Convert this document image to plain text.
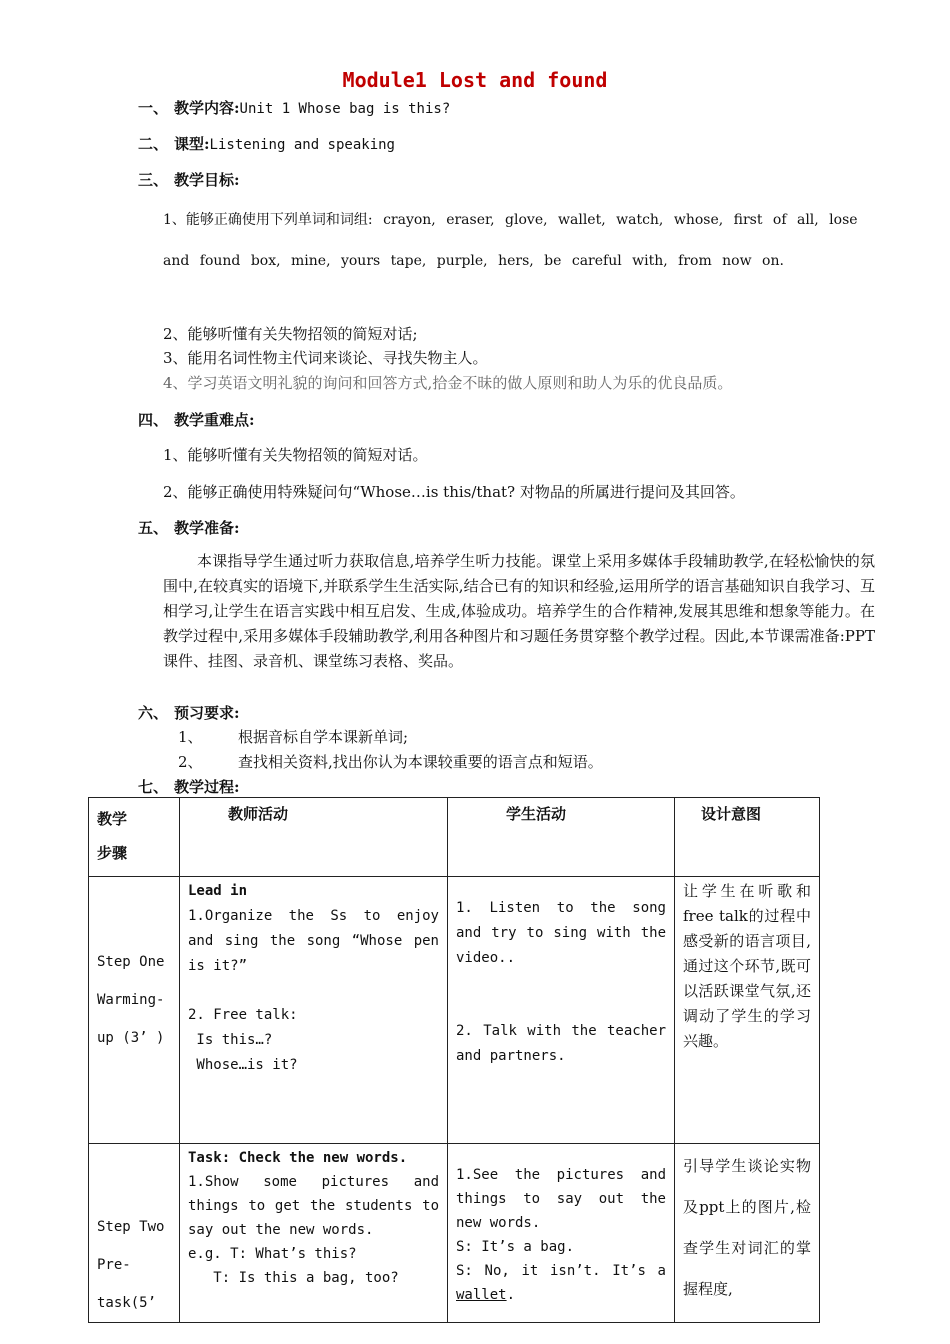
Module1 Lost and found
一、 教学内容:Unit 1 Whose bag is this?
二、 课型:Listening and speaking
三、 教学目标:
1、能够正确使用下列单词和词组: crayon, eraser, glove, wallet, watch, whose, first of all, lose and found box, mine, yours tape, purple, hers, be careful with, from now on.
2、能够听懂有关失物招领的简短对话;
3、能用名词性物主代词来谈论、寻找失物主人。
4、学习英语文明礼貌的询问和回答方式,拾金不昧的做人原则和助人为乐的优良品质。
四、 教学重难点:
1、能够听懂有关失物招领的简短对话。
2、能够正确使用特殊疑问句“Whose…is this/that? 对物品的所属进行提问及其回答。
五、 教学准备:
本课指导学生通过听力获取信息,培养学生听力技能。课堂上采用多媒体手段辅助教学,在轻松愉快的氛围中,在较真实的语境下,并联系学生生活实际,结合已有的知识和经验,运用所学的语言基础知识自我学习、互相学习,让学生在语言实践中相互启发、生成,体验成功。培养学生的合作精神,发展其思维和想象等能力。在教学过程中,采用多媒体手段辅助教学,利用各种图片和习题任务贯穿整个教学过程。因此,本节课需准备:PPT课件、挂图、录音机、课堂练习表格、奖品。
六、 预习要求:
1、 根据音标自学本课新单词;
2、 查找相关资料,找出你认为本课较重要的语言点和短语。
七、 教学过程:
教学
步骤	教师活动	学生活动	设计意图

Step One
Warming-
up (3’ )	Lead in
1.Organize the Ss to enjoy and sing the song “Whose pen is it?”
2. Free talk:
Is this…?
Whose…is it?	1. Listen to the song and try to sing with the video..
2. Talk with the teacher and partners.	让学生在听歌和free talk的过程中感受新的语言项目,通过这个环节,既可以活跃课堂气氛,还调动了学生的学习兴趣。

Step Two
Pre-
task(5’	Task: Check the new words.
1.Show some pictures and things to get the students to say out the new words.
e.g. T: What’s this?
T: Is this a bag, too?	1.See the pictures and things to say out the new words.
S: It’s a bag.
S: No, it isn’t. It’s a wallet.	引导学生谈论实物及ppt上的图片,检查学生对词汇的掌握程度,
